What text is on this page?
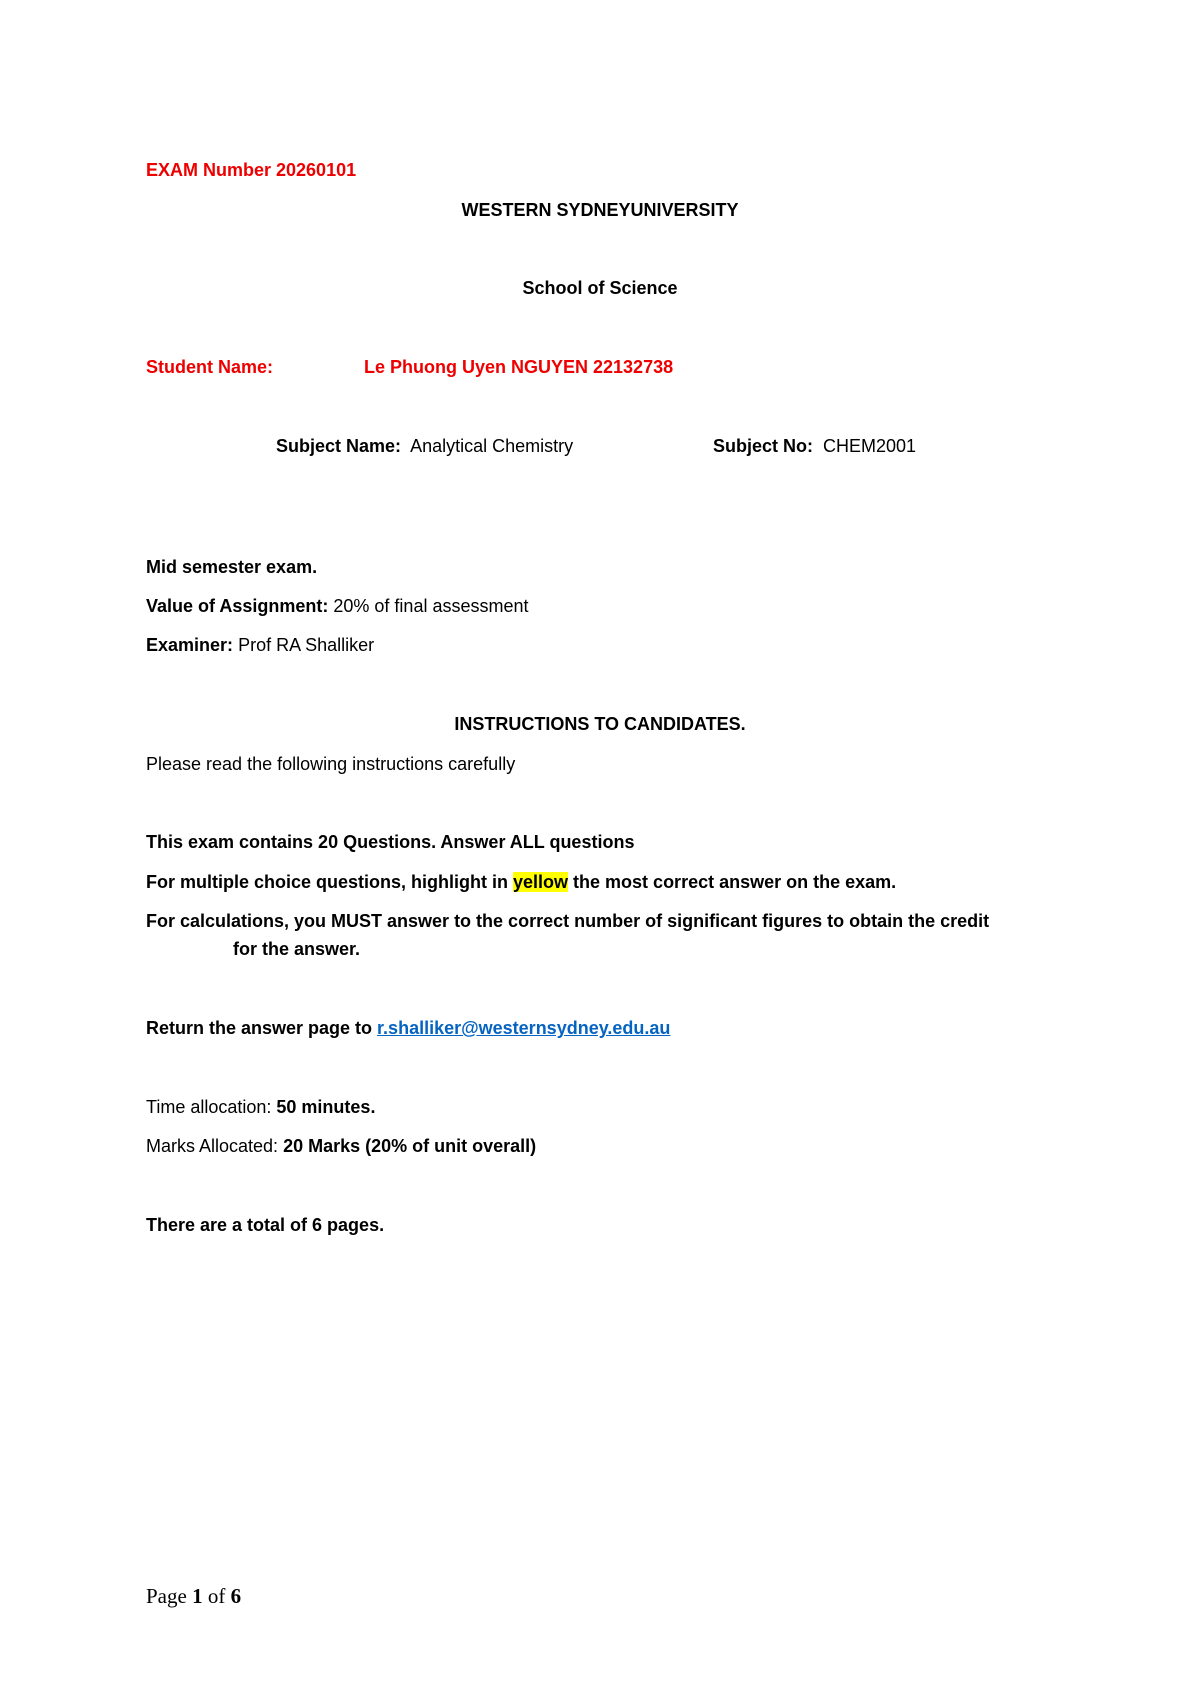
EXAM Number 20260101
WESTERN SYDNEYUNIVERSITY
School of Science
Student Name:	Le Phuong Uyen NGUYEN 22132738
Subject Name: Analytical Chemistry	Subject No: CHEM2001
Mid semester exam.
Value of Assignment: 20% of final assessment
Examiner: Prof RA Shalliker
INSTRUCTIONS TO CANDIDATES.
Please read the following instructions carefully
This exam contains 20 Questions. Answer ALL questions
For multiple choice questions, highlight in yellow the most correct answer on the exam.
For calculations, you MUST answer to the correct number of significant figures to obtain the credit
for the answer.
Return the answer page to r.shalliker@westernsydney.edu.au
Time allocation: 50 minutes.
Marks Allocated: 20 Marks (20% of unit overall)
There are a total of 6 pages.
Page 1 of 6
